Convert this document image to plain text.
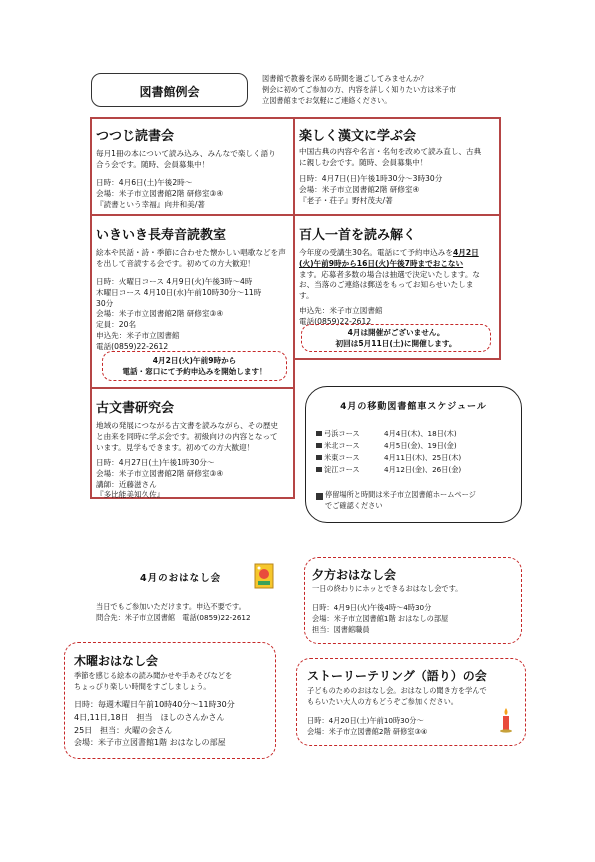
図書館例会
図書館で教養を深める時間を過ごしてみませんか？
例会に初めてご参加の方、内容を詳しく知りたい方は米子市
立図書館までお気軽にご連絡ください。
つつじ読書会
毎月1冊の本について読み込み、みんなで楽しく語り
合う会です。随時、会員募集中！
日時：4月6日(土)午後2時～
会場：米子市立図書館2階 研修室③④
『読書という幸福』向井和美/著
楽しく漢文に学ぶ会
中国古典の内容や名言・名句を改めて読み直し、古典
に親しむ会です。随時、会員募集中！
日時：4月7日(日)午後1時30分～3時30分
会場：米子市立図書館2階 研修室④
『老子・荘子』野村茂夫/著
いきいき長寿音読教室
絵本や民話・詩・季節に合わせた懐かしい唱歌などを声
を出して音読する会です。初めての方大歓迎！
日時：火曜日コース 4月9日(火)午後3時～4時
木曜日コース 4月10日(水)午前10時30分～11時
30分
会場：米子市立図書館2階 研修室③④
定員：20名
申込先：米子市立図書館
電話(0859)22-2612
4月2日(火)午前9時から
電話・窓口にて予約申込みを開始します！
百人一首を読み解く
今年度の受講生30名。電話にて予約申込みを4月2日
(火)午前9時から16日(火)午後7時までおこない
ます。応募者多数の場合は抽選で決定いたします。な
お、当落のご連絡は郵送をもってお知らせいたしま
す。
申込先：米子市立図書館
電話(0859)22-2612
4月は開催がございません。
初回は5月11日(土)に開催します。
古文書研究会
地域の発展につながる古文書を読みながら、その歴史
と由来を同時に学ぶ会です。初級向けの内容となって
います。見学もできます。初めての方大歓迎！
日時：4月27日(土)午後1時30分～
会場：米子市立図書館2階 研修室③④
講師：近藤滋さん
『多比能美知久佐』
4月の移動図書館車スケジュール
弓浜コース	4月4日(木)、18日(木)
米北コース	4月5日(金)、19日(金)
米東コース	4月11日(木)、25日(木)
淀江コース	4月12日(金)、26日(金)
停留場所と時間は米子市立図書館ホームページ
でご確認ください
4月のおはなし会
当日でもご参加いただけます。申込不要です。
問合先：米子市立図書館　電話(0859)22-2612
夕方おはなし会
一日の終わりにホッとできるおはなし会です。
日時：4月9日(火)午後4時～4時30分
会場：米子市立図書館1階 おはなしの部屋
担当：図書館職員
木曜おはなし会
季節を感じる絵本の読み聞かせや手あそびなどを
ちょっぴり楽しい時間をすごしましょう。
日時：毎週木曜日午前10時40分～11時30分
4日,11日,18日　担当　ほしのさんかさん
25日　担当：火曜の会さん
会場：米子市立図書館1階 おはなしの部屋
ストーリーテリング（語り）の会
子どものためのおはなし会。おはなしの聞き方を学んで
もらいたい大人の方もどうぞご参加ください。
日時：4月20日(土)午前10時30分～
会場：米子市立図書館2階 研修室③④
